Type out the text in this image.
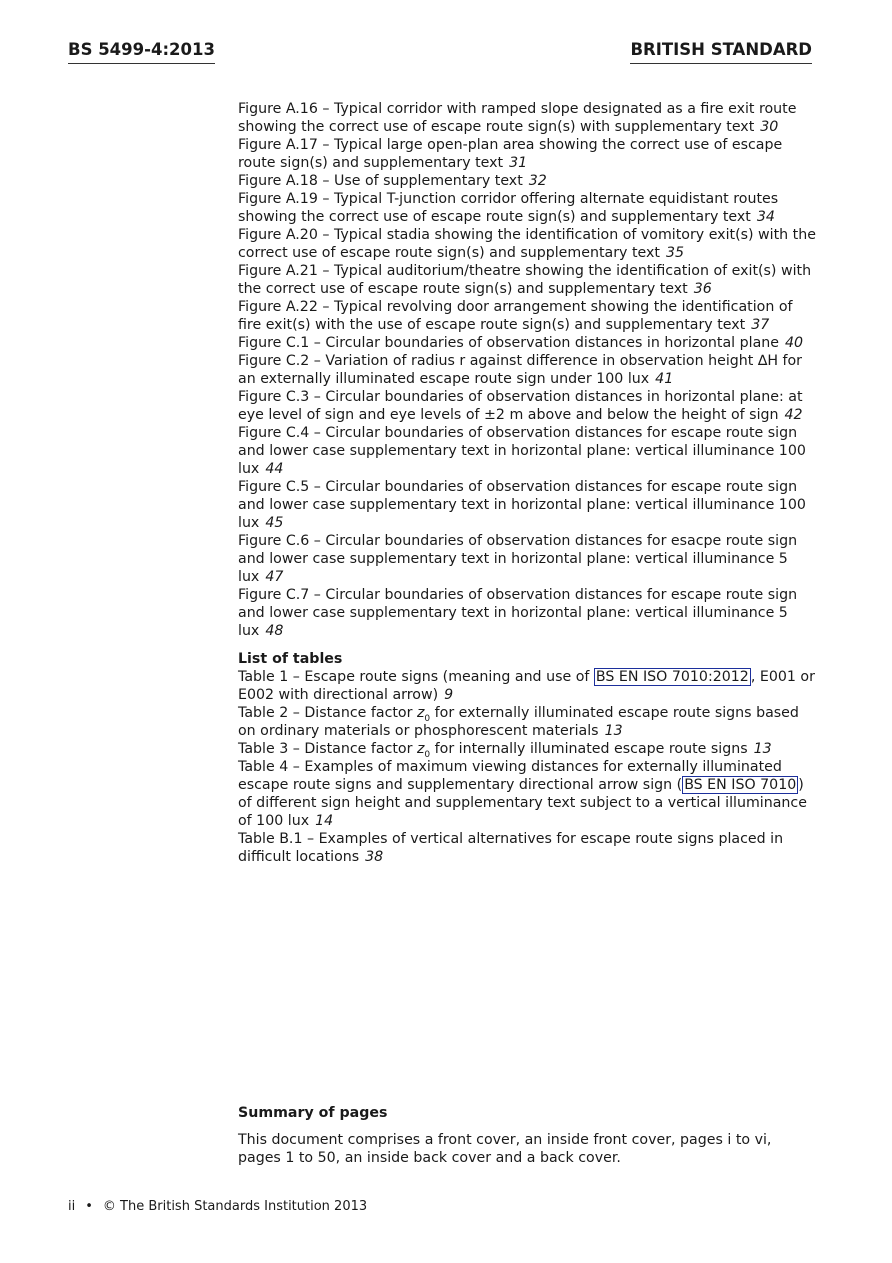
BS 5499-4:2013	BRITISH STANDARD

Figure A.16 – Typical corridor with ramped slope designated as a fire exit route showing the correct use of escape route sign(s) with supplementary text 30

Figure A.17 – Typical large open-plan area showing the correct use of escape route sign(s) and supplementary text 31

Figure A.18 – Use of supplementary text 32

Figure A.19 – Typical T-junction corridor offering alternate equidistant routes showing the correct use of escape route sign(s) and supplementary text 34

Figure A.20 – Typical stadia showing the identification of vomitory exit(s) with the correct use of escape route sign(s) and supplementary text 35

Figure A.21 – Typical auditorium/theatre showing the identification of exit(s) with the correct use of escape route sign(s) and supplementary text 36

Figure A.22 – Typical revolving door arrangement showing the identification of fire exit(s) with the use of escape route sign(s) and supplementary text 37

Figure C.1 – Circular boundaries of observation distances in horizontal plane 40

Figure C.2 – Variation of radius r against difference in observation height ∆H for an externally illuminated escape route sign under 100 lux 41

Figure C.3 – Circular boundaries of observation distances in horizontal plane: at eye level of sign and eye levels of ±2 m above and below the height of sign 42

Figure C.4 – Circular boundaries of observation distances for escape route sign and lower case supplementary text in horizontal plane: vertical illuminance 100 lux 44

Figure C.5 – Circular boundaries of observation distances for escape route sign and lower case supplementary text in horizontal plane: vertical illuminance 100 lux 45

Figure C.6 – Circular boundaries of observation distances for esacpe route sign and lower case supplementary text in horizontal plane: vertical illuminance 5 lux 47

Figure C.7 – Circular boundaries of observation distances for escape route sign and lower case supplementary text in horizontal plane: vertical illuminance 5 lux 48

List of tables

Table 1 – Escape route signs (meaning and use of BS EN ISO 7010:2012 , E001 or E002 with directional arrow) 9

Table 2 – Distance factor $z_0$ for externally illuminated escape route signs based on ordinary materials or phosphorescent materials 13

Table 3 – Distance factor $z_0$ for internally illuminated escape route signs 13

Table 4 – Examples of maximum viewing distances for externally illuminated escape route signs and supplementary directional arrow sign ( BS EN ISO 7010 ) of different sign height and supplementary text subject to a vertical illuminance of 100 lux 14

Table B.1 – Examples of vertical alternatives for escape route signs placed in difficult locations 38

Summary of pages
This document comprises a front cover, an inside front cover, pages i to vi, pages 1 to 50, an inside back cover and a back cover.
ii • © The British Standards Institution 2013
